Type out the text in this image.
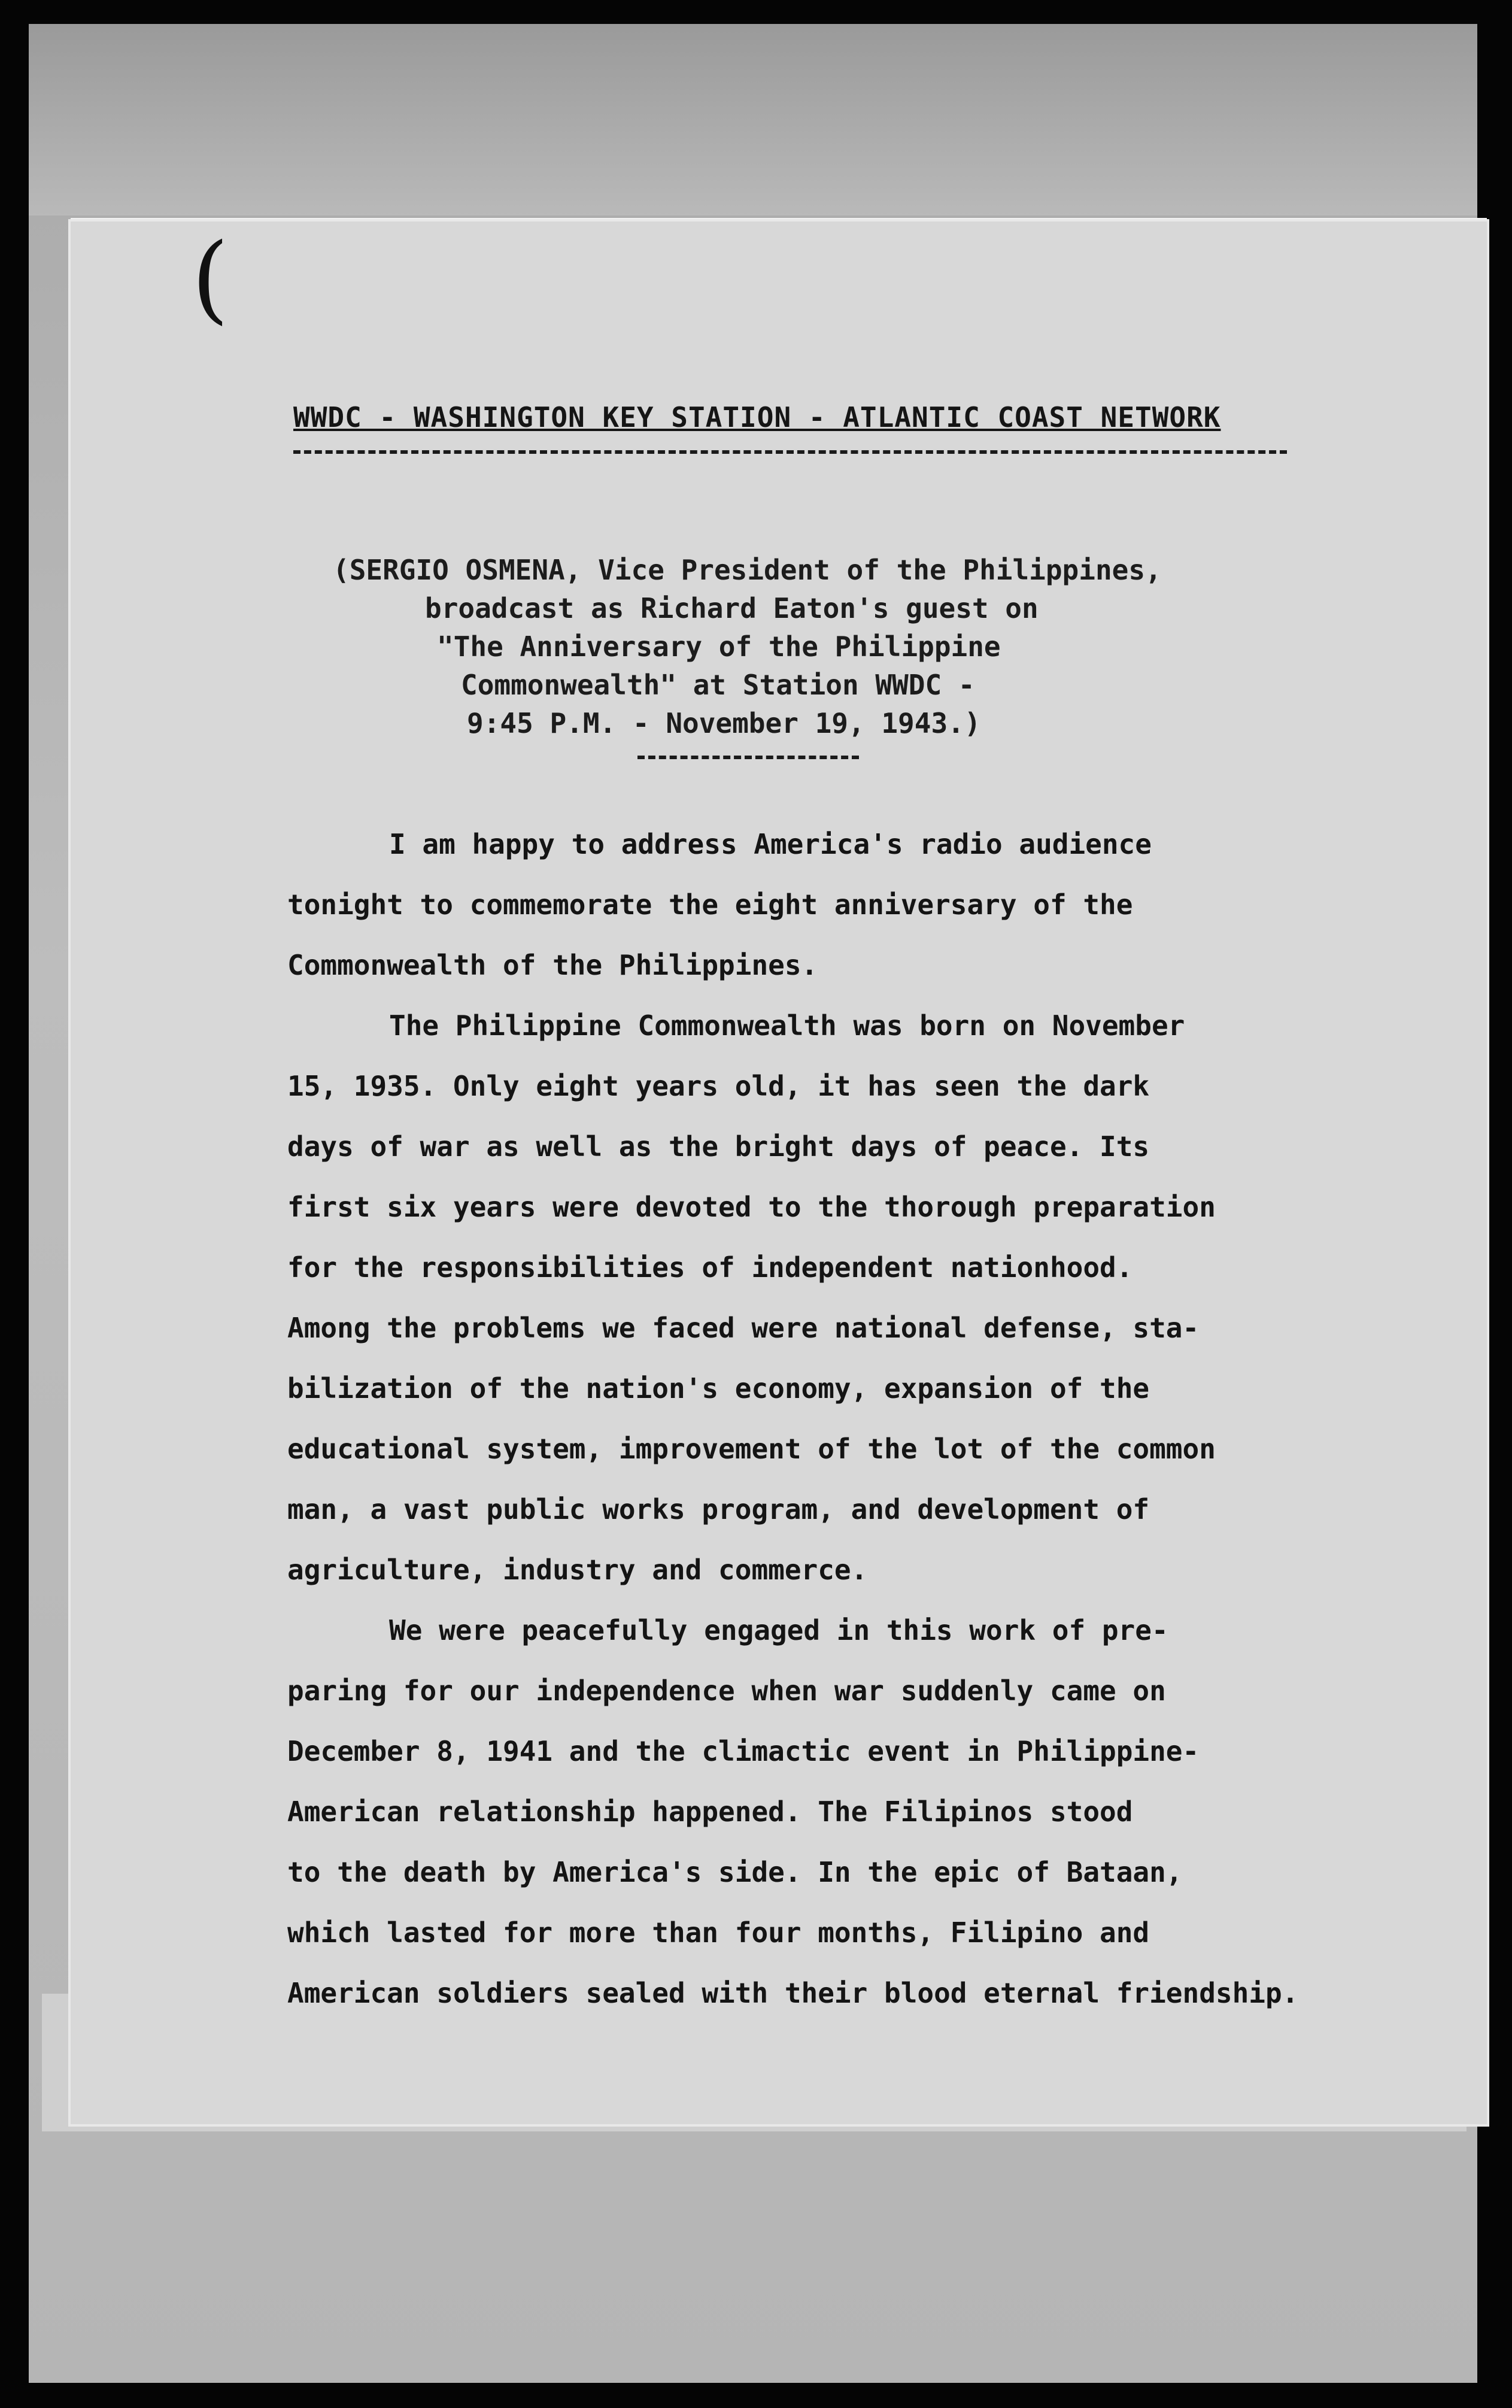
(
WWDC - WASHINGTON KEY STATION - ATLANTIC COAST NETWORK
(SERGIO OSMENA, Vice President of the Philippines,
broadcast as Richard Eaton's guest on
"The Anniversary of the Philippine
Commonwealth" at Station WWDC -
9:45 P.M. - November 19, 1943.)
I am happy to address America's radio audience
tonight to commemorate the eight anniversary of the
Commonwealth of the Philippines.
The Philippine Commonwealth was born on November
15, 1935. Only eight years old, it has seen the dark
days of war as well as the bright days of peace. Its
first six years were devoted to the thorough preparation
for the responsibilities of independent nationhood.
Among the problems we faced were national defense, sta-
bilization of the nation's economy, expansion of the
educational system, improvement of the lot of the common
man, a vast public works program, and development of
agriculture, industry and commerce.
We were peacefully engaged in this work of pre-
paring for our independence when war suddenly came on
December 8, 1941 and the climactic event in Philippine-
American relationship happened. The Filipinos stood
to the death by America's side. In the epic of Bataan,
which lasted for more than four months, Filipino and
American soldiers sealed with their blood eternal friendship.
